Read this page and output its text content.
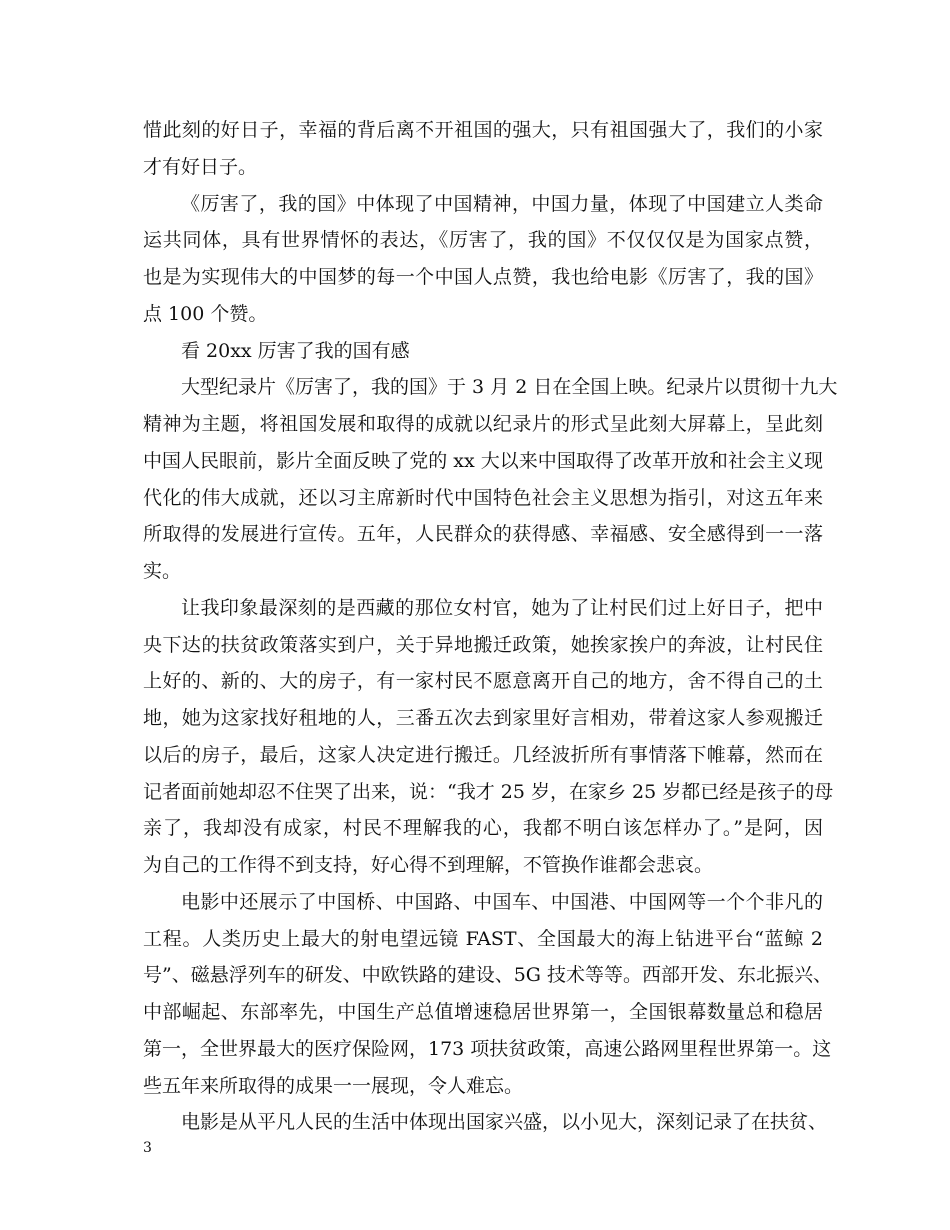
惜此刻的好日子，幸福的背后离不开祖国的强大，只有祖国强大了，我们的小家
才有好日子。
《厉害了，我的国》中体现了中国精神，中国力量，体现了中国建立人类命
运共同体，具有世界情怀的表达，《厉害了，我的国》不仅仅仅是为国家点赞，
也是为实现伟大的中国梦的每一个中国人点赞，我也给电影《厉害了，我的国》
点 100 个赞。
看 20xx 厉害了我的国有感
大型纪录片《厉害了，我的国》于 3 月 2 日在全国上映。纪录片以贯彻十九大
精神为主题，将祖国发展和取得的成就以纪录片的形式呈此刻大屏幕上，呈此刻
中国人民眼前，影片全面反映了党的 xx 大以来中国取得了改革开放和社会主义现
代化的伟大成就，还以习主席新时代中国特色社会主义思想为指引，对这五年来
所取得的发展进行宣传。五年，人民群众的获得感、幸福感、安全感得到一一落
实。
让我印象最深刻的是西藏的那位女村官，她为了让村民们过上好日子，把中
央下达的扶贫政策落实到户，关于异地搬迁政策，她挨家挨户的奔波，让村民住
上好的、新的、大的房子，有一家村民不愿意离开自己的地方，舍不得自己的土
地，她为这家找好租地的人，三番五次去到家里好言相劝，带着这家人参观搬迁
以后的房子，最后，这家人决定进行搬迁。几经波折所有事情落下帷幕，然而在
记者面前她却忍不住哭了出来，说：“我才 25 岁，在家乡 25 岁都已经是孩子的母
亲了，我却没有成家，村民不理解我的心，我都不明白该怎样办了。”是阿，因
为自己的工作得不到支持，好心得不到理解，不管换作谁都会悲哀。
电影中还展示了中国桥、中国路、中国车、中国港、中国网等一个个非凡的
工程。人类历史上最大的射电望远镜 FAST、全国最大的海上钻进平台“蓝鲸 2
号”、磁悬浮列车的研发、中欧铁路的建设、5G 技术等等。西部开发、东北振兴、
中部崛起、东部率先，中国生产总值增速稳居世界第一，全国银幕数量总和稳居
第一，全世界最大的医疗保险网，173 项扶贫政策，高速公路网里程世界第一。这
些五年来所取得的成果一一展现，令人难忘。
电影是从平凡人民的生活中体现出国家兴盛，以小见大，深刻记录了在扶贫、
3
